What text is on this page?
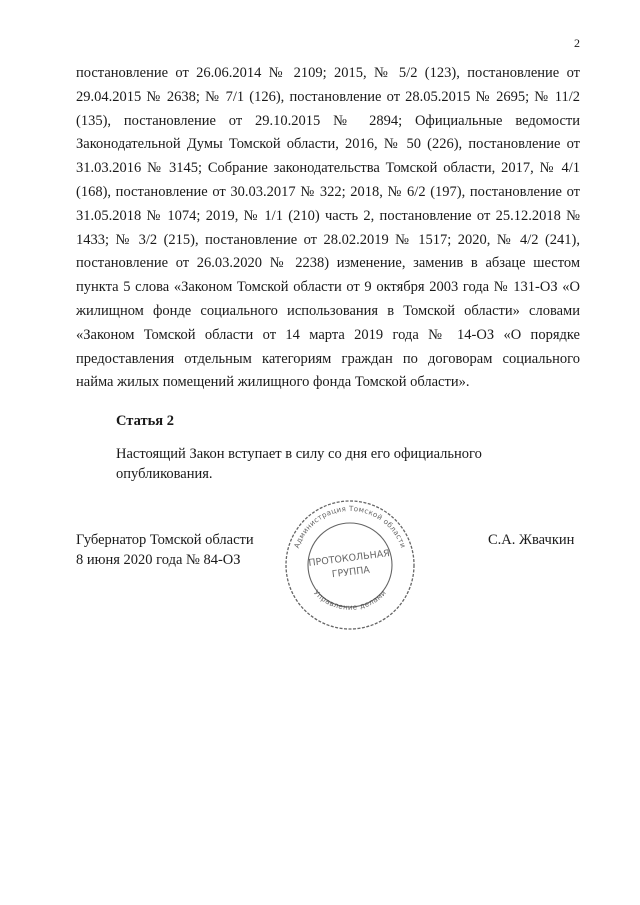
2

постановление от 26.06.2014 № 2109; 2015, № 5/2 (123), постановление от 29.04.2015 № 2638; № 7/1 (126), постановление от 28.05.2015 № 2695; № 11/2 (135), постановление от 29.10.2015 № 2894; Официальные ведомости Законодательной Думы Томской области, 2016, № 50 (226), постановление от 31.03.2016 № 3145; Собрание законодательства Томской области, 2017, № 4/1 (168), постановление от 30.03.2017 № 322; 2018, № 6/2 (197), постановление от 31.05.2018 № 1074; 2019, № 1/1 (210) часть 2, постановление от 25.12.2018 № 1433; № 3/2 (215), постановление от 28.02.2019 № 1517; 2020, № 4/2 (241), постановление от 26.03.2020 № 2238) изменение, заменив в абзаце шестом пункта 5 слова «Законом Томской области от 9 октября 2003 года № 131-ОЗ «О жилищном фонде социального использования в Томской области» словами «Законом Томской области от 14 марта 2019 года № 14-ОЗ «О порядке предоставления отдельным категориям граждан по договорам социального найма жилых помещений жилищного фонда Томской области».

Статья 2

Настоящий Закон вступает в силу со дня его официального опубликования.

Губернатор Томской области
8 июня 2020 года № 84-ОЗ
С.А. Жвачкин
Администрация Томской области
Управление делами
ПРОТОКОЛЬНАЯ
ГРУППА
